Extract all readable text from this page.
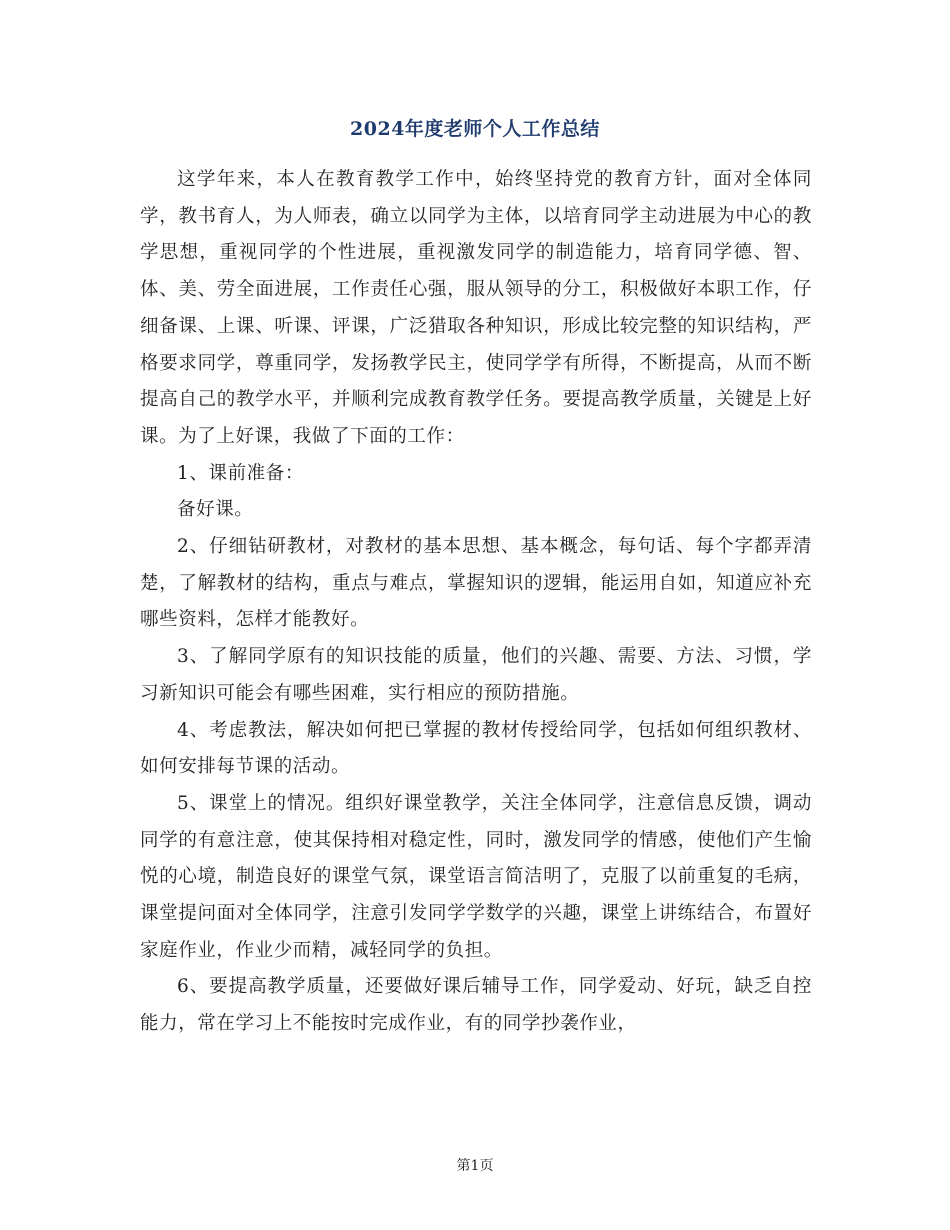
2024年度老师个人工作总结

这学年来，本人在教育教学工作中，始终坚持党的教育方针，面对全体同学，教书育人，为人师表，确立以同学为主体，以培育同学主动进展为中心的教学思想，重视同学的个性进展，重视激发同学的制造能力，培育同学德、智、体、美、劳全面进展，工作责任心强，服从领导的分工，积极做好本职工作，仔细备课、上课、听课、评课，广泛猎取各种知识，形成比较完整的知识结构，严格要求同学，尊重同学，发扬教学民主，使同学学有所得，不断提高，从而不断提高自己的教学水平，并顺利完成教育教学任务。要提高教学质量，关键是上好课。为了上好课，我做了下面的工作：

1、课前准备：

备好课。

2、仔细钻研教材，对教材的基本思想、基本概念，每句话、每个字都弄清楚，了解教材的结构，重点与难点，掌握知识的逻辑，能运用自如，知道应补充哪些资料，怎样才能教好。

3、了解同学原有的知识技能的质量，他们的兴趣、需要、方法、习惯，学习新知识可能会有哪些困难，实行相应的预防措施。

4、考虑教法，解决如何把已掌握的教材传授给同学，包括如何组织教材、如何安排每节课的活动。

5、课堂上的情况。组织好课堂教学，关注全体同学，注意信息反馈，调动同学的有意注意，使其保持相对稳定性，同时，激发同学的情感，使他们产生愉悦的心境，制造良好的课堂气氛，课堂语言简洁明了，克服了以前重复的毛病，课堂提问面对全体同学，注意引发同学学数学的兴趣，课堂上讲练结合，布置好家庭作业，作业少而精，减轻同学的负担。

6、要提高教学质量，还要做好课后辅导工作，同学爱动、好玩，缺乏自控能力，常在学习上不能按时完成作业，有的同学抄袭作业，

第1页
